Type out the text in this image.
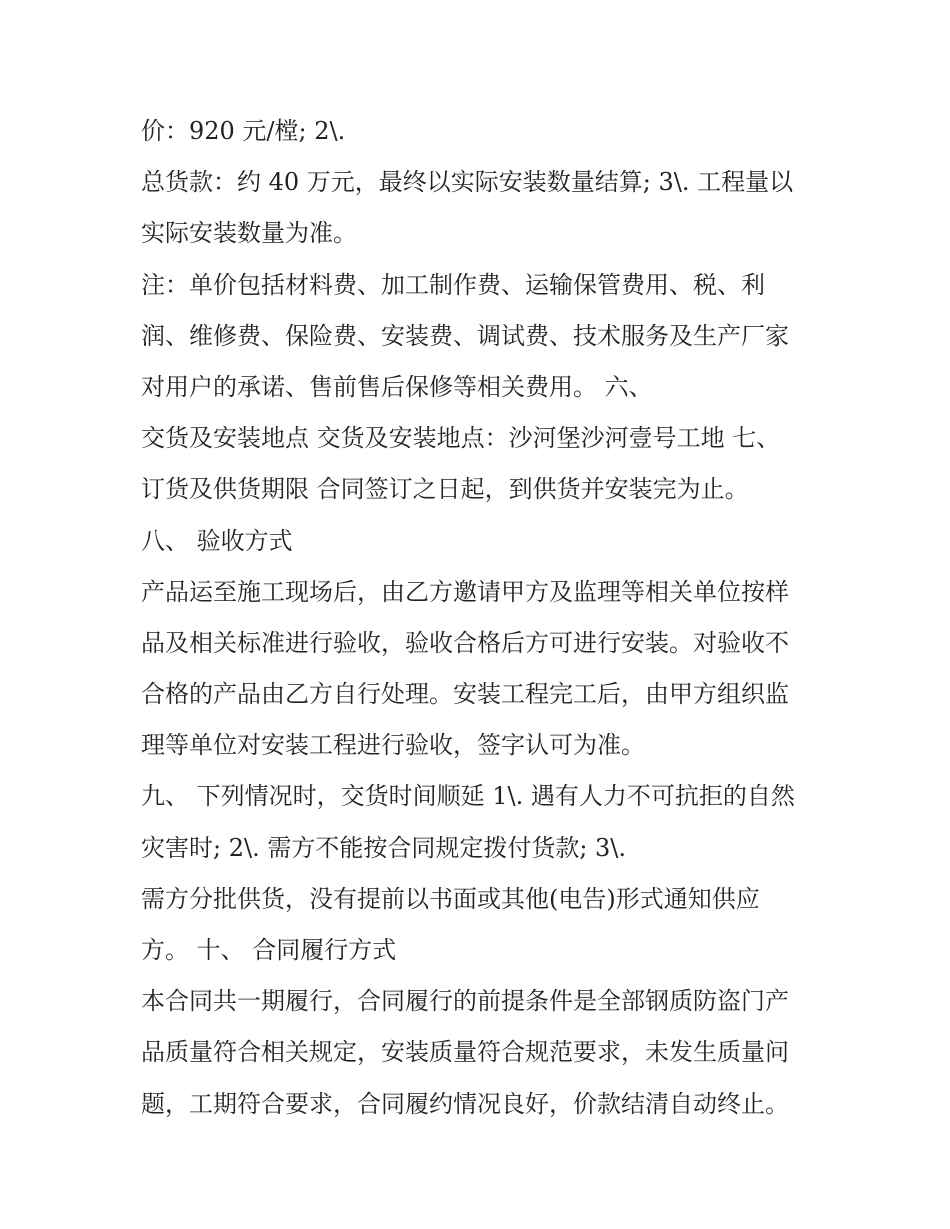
价：920 元/樘; 2\.
总货款：约 40 万元，最终以实际安装数量结算; 3\. 工程量以
实际安装数量为准。
注：单价包括材料费、加工制作费、运输保管费用、税、利
润、维修费、保险费、安装费、调试费、技术服务及生产厂家
对用户的承诺、售前售后保修等相关费用。 六、
交货及安装地点 交货及安装地点：沙河堡沙河壹号工地 七、
订货及供货期限 合同签订之日起，到供货并安装完为止。
八、 验收方式
产品运至施工现场后，由乙方邀请甲方及监理等相关单位按样
品及相关标准进行验收，验收合格后方可进行安装。对验收不
合格的产品由乙方自行处理。安装工程完工后，由甲方组织监
理等单位对安装工程进行验收，签字认可为准。
九、 下列情况时，交货时间顺延 1\. 遇有人力不可抗拒的自然
灾害时; 2\. 需方不能按合同规定拨付货款; 3\.
需方分批供货，没有提前以书面或其他(电告)形式通知供应
方。 十、 合同履行方式
本合同共一期履行，合同履行的前提条件是全部钢质防盗门产
品质量符合相关规定，安装质量符合规范要求，未发生质量问
题，工期符合要求，合同履约情况良好，价款结清自动终止。
